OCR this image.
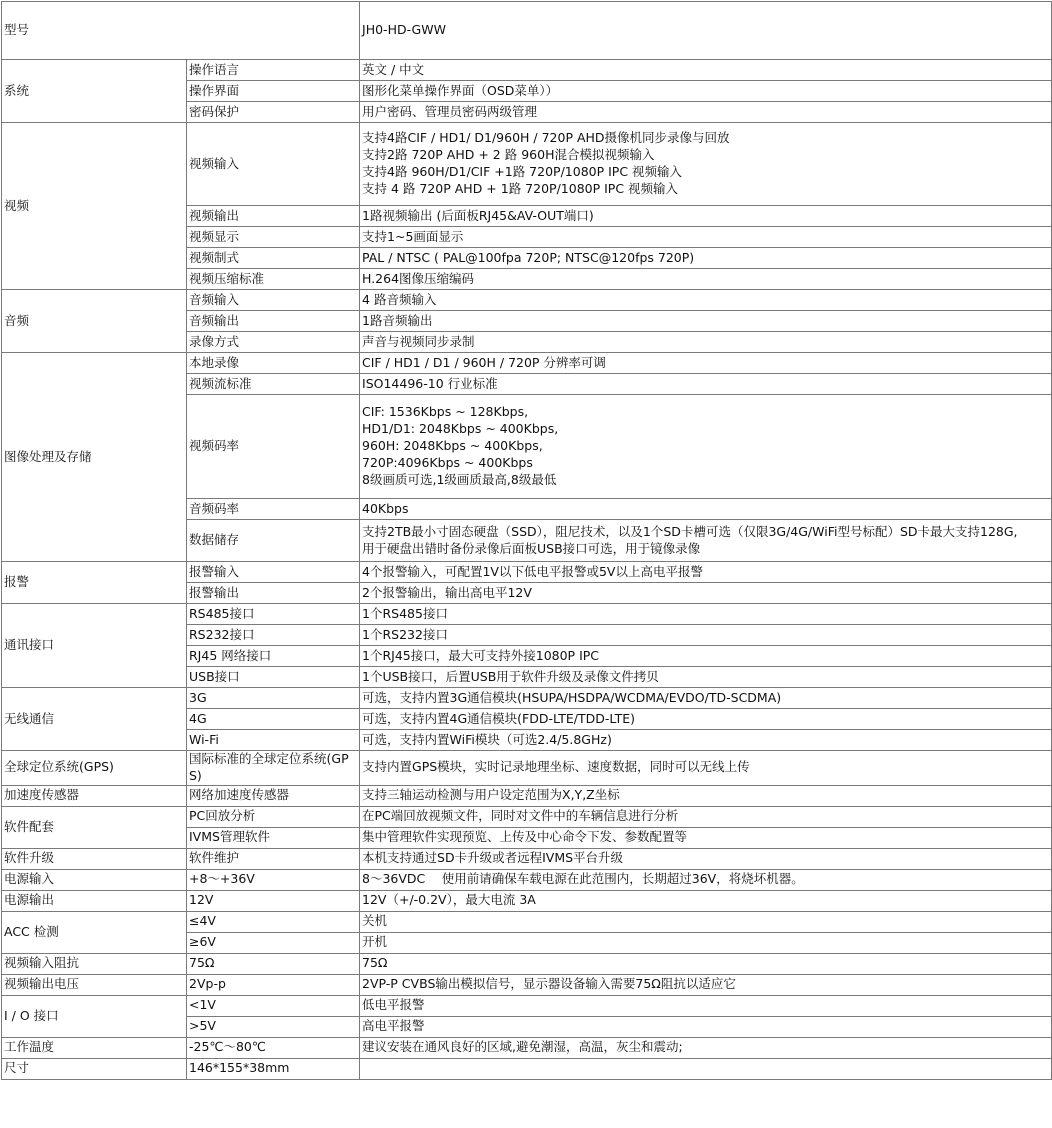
型号		JH0-HD-GWW
系统	操作语言	英文 / 中文

	操作界面	图形化菜单操作界面（OSD菜单））

	密码保护	用户密码、管理员密码两级管理

视频	视频输入	支持4路CIF / HD1/ D1/960H / 720P AHD摄像机同步录像与回放
支持2路 720P AHD + 2 路 960H混合模拟视频输入
支持4路 960H/D1/CIF +1路 720P/1080P IPC 视频输入
支持 4 路 720P AHD + 1路 720P/1080P IPC 视频输入

	视频输出	1路视频输出 (后面板RJ45&AV-OUT端口)

	视频显示	支持1~5画面显示

	视频制式	PAL / NTSC ( PAL@100fpa 720P; NTSC@120fps 720P)

	视频压缩标准	H.264图像压缩编码

音频	音频输入	4 路音频输入

	音频输出	1路音频输出

	录像方式	声音与视频同步录制

图像处理及存储	本地录像	CIF / HD1 / D1 / 960H / 720P 分辨率可调

	视频流标准	ISO14496-10 行业标准

	视频码率	CIF: 1536Kbps ~ 128Kbps,
HD1/D1: 2048Kbps ~ 400Kbps,
960H: 2048Kbps ~ 400Kbps,
720P:4096Kbps ~ 400Kbps
8级画质可选,1级画质最高,8级最低

	音频码率	40Kbps

	数据储存	支持2TB最小寸固态硬盘（SSD），阻尼技术，以及1个SD卡槽可选（仅限3G/4G/WiFi型号标配）SD卡最大支持128G,
用于硬盘出错时备份录像后面板USB接口可选，用于镜像录像

报警	报警输入	4个报警输入，可配置1V以下低电平报警或5V以上高电平报警

	报警输出	2个报警输出，输出高电平12V

通讯接口	RS485接口	1个RS485接口

	RS232接口	1个RS232接口

	RJ45 网络接口	1个RJ45接口，最大可支持外接1080P IPC

	USB接口	1个USB接口，后置USB用于软件升级及录像文件拷贝

无线通信	3G	可选，支持内置3G通信模块(HSUPA/HSDPA/WCDMA/EVDO/TD-SCDMA)

	4G	可选，支持内置4G通信模块(FDD-LTE/TDD-LTE)

	Wi-Fi	可选，支持内置WiFi模块（可选2.4/5.8GHz)

全球定位系统(GPS)	国际标准的全球定位系统(GPS)	支持内置GPS模块，实时记录地理坐标、速度数据，同时可以无线上传

加速度传感器	网络加速度传感器	支持三轴运动检测与用户设定范围为X,Y,Z坐标

软件配套	PC回放分析	在PC端回放视频文件，同时对文件中的车辆信息进行分析

	IVMS管理软件	集中管理软件实现预览、上传及中心命令下发、参数配置等

软件升级	软件维护	本机支持通过SD卡升级或者远程IVMS平台升级

电源输入	+8～+36V	8～36VDC　 使用前请确保车载电源在此范围内，长期超过36V，将烧坏机器。

电源输出	12V	12V（+/-0.2V），最大电流 3A

ACC 检测	≤4V	关机

	≥6V	开机

视频输入阻抗	75Ω	75Ω

视频输出电压	2Vp-p	2VP-P CVBS输出模拟信号，显示器设备输入需要75Ω阻抗以适应它

I / O 接口	<1V	低电平报警

	>5V	高电平报警

工作温度	-25℃～80℃	建议安装在通风良好的区域,避免潮湿，高温，灰尘和震动;

尺寸	146*155*38mm	
